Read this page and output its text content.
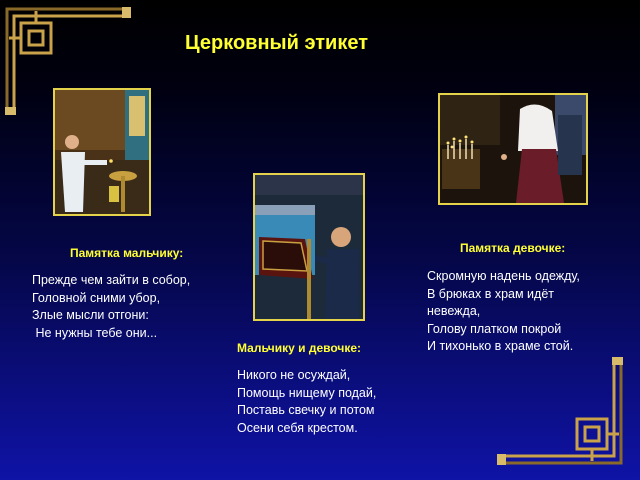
Церковный этикет
Памятка мальчику:
Прежде чем зайти в собор,
Головной сними убор,
Злые мысли отгони:
Не нужны тебе они...
Памятка девочке:
Скромную надень одежду,
В брюках в храм идёт
невежда,
Голову платком покрой
И тихонько в храме стой.
Мальчику и девочке:
Никого не осуждай,
Помощь нищему подай,
Поставь свечку и потом
Осени себя крестом.
